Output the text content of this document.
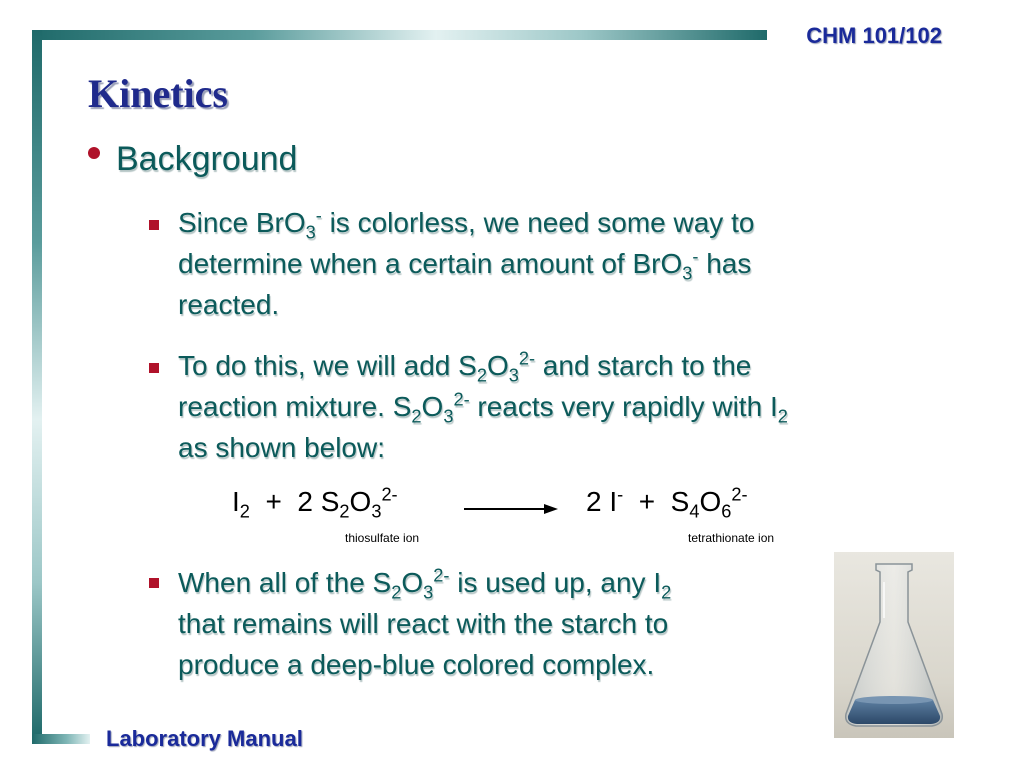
CHM 101/102
Kinetics
Background
Since BrO$_3$- is colorless, we need some way to
determine when a certain amount of BrO$_3$- has
reacted.
To do this, we will add $S_2O_3^{2-}$ and starch to the
reaction mixture. $S_2O_3^{2-}$ reacts very rapidly with $I_2$
as shown below:
$I_2 + 2$ $S_2O_3^{2-}$	2 $I^- + S_4O_6^{2-}$
thiosulfate ion	tetrathionate ion
When all of the $S_2O_3^{2-}$ is used up, any $I_2$
that remains will react with the starch to
produce a deep-blue colored complex.
Laboratory Manual
